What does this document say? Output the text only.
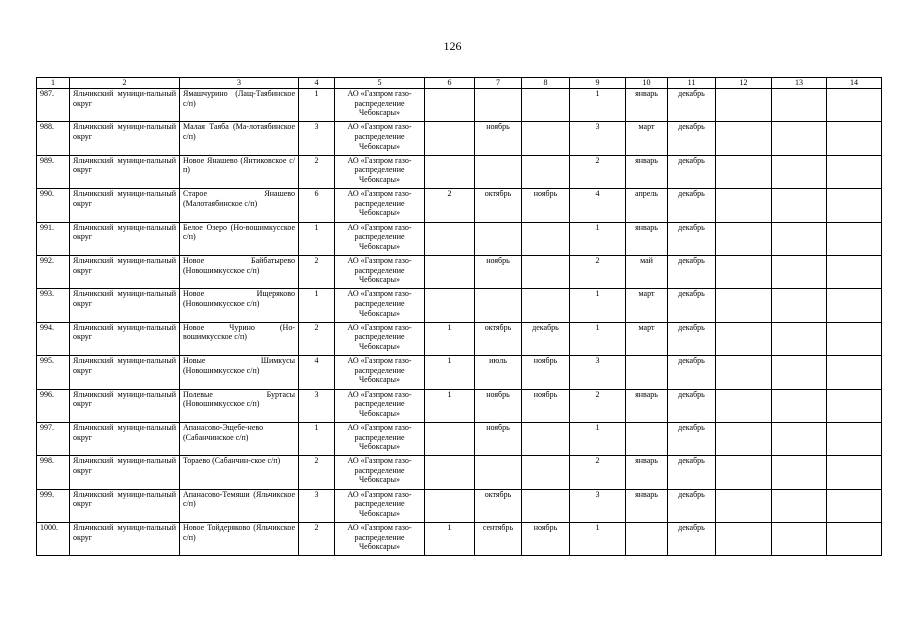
126
1	2	3	4	5	6	7	8	9	10	11	12	13	14
987.	Яльчикский муници-пальный округ	Ямашчурино (Лащ-Таябинское с/п)	1	АО «Газпром газо-распределение Чебоксары»				1	январь	декабрь			
988.	Яльчикский муници-пальный округ	Малая Таяба (Ма-лотаябинское с/п)	3	АО «Газпром газо-распределение Чебоксары»		ноябрь		3	март	декабрь			
989.	Яльчикский муници-пальный округ	Новое Янашево (Янтиковское с/п)	2	АО «Газпром газо-распределение Чебоксары»				2	январь	декабрь			
990.	Яльчикский муници-пальный округ	Старое Янашево (Малотаябинское с/п)	6	АО «Газпром газо-распределение Чебоксары»	2	октябрь	ноябрь	4	апрель	декабрь			
991.	Яльчикский муници-пальный округ	Белое Озеро (Но-вошимкусское с/п)	1	АО «Газпром газо-распределение Чебоксары»				1	январь	декабрь			
992.	Яльчикский муници-пальный округ	Новое Байбатырево (Новошимкусское с/п)	2	АО «Газпром газо-распределение Чебоксары»		ноябрь		2	май	декабрь			
993.	Яльчикский муници-пальный округ	Новое Ищеряково (Новошимкусское с/п)	1	АО «Газпром газо-распределение Чебоксары»				1	март	декабрь			
994.	Яльчикский муници-пальный округ	Новое Чурино (Но-вошимкусское с/п)	2	АО «Газпром газо-распределение Чебоксары»	1	октябрь	декабрь	1	март	декабрь			
995.	Яльчикский муници-пальный округ	Новые Шимкусы (Новошимкусское с/п)	4	АО «Газпром газо-распределение Чебоксары»	1	июль	ноябрь	3		декабрь			
996.	Яльчикский муници-пальный округ	Полевые Буртасы (Новошимкусское с/п)	3	АО «Газпром газо-распределение Чебоксары»	1	ноябрь	ноябрь	2	январь	декабрь			
997.	Яльчикский муници-пальный округ	Апанасово-Эщебе-нево (Сабанчинское с/п)	1	АО «Газпром газо-распределение Чебоксары»		ноябрь		1		декабрь			
998.	Яльчикский муници-пальный округ	Тораево (Сабанчин-ское с/п)	2	АО «Газпром газо-распределение Чебоксары»				2	январь	декабрь			
999.	Яльчикский муници-пальный округ	Апанасово-Темяши (Яльчикское с/п)	3	АО «Газпром газо-распределение Чебоксары»		октябрь		3	январь	декабрь			
1000.	Яльчикский муници-пальный округ	Новое Тойдеряково (Яльчикское с/п)	2	АО «Газпром газо-распределение Чебоксары»	1	сентябрь	ноябрь	1		декабрь			
